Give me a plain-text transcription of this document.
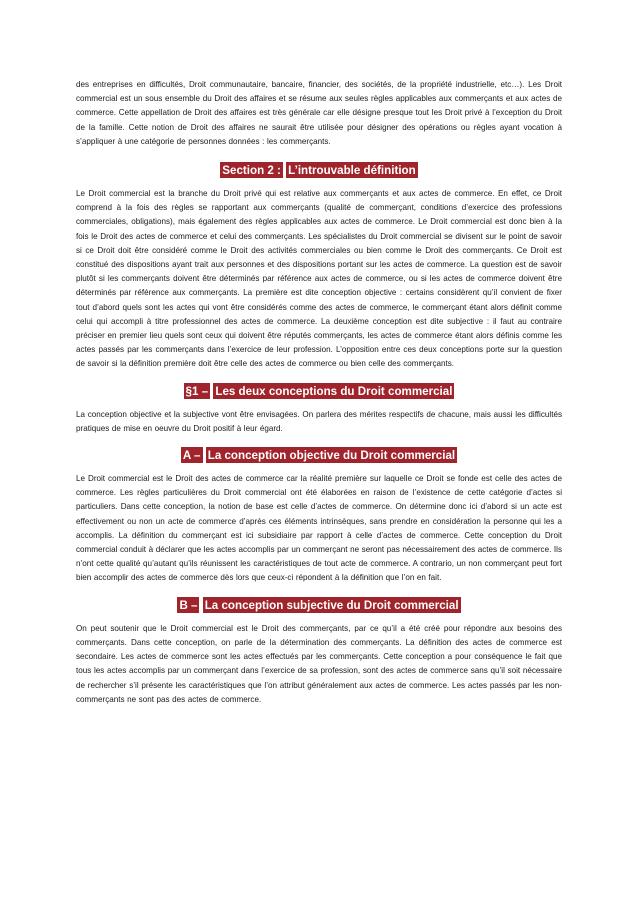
des entreprises en difficultés, Droit communautaire, bancaire, financier, des sociétés, de la propriété industrielle, etc…). Les Droit commercial est un sous ensemble du Droit des affaires et se résume aux seules règles applicables aux commerçants et aux actes de commerce. Cette appellation de Droit des affaires est très générale car elle désigne presque tout les Droit privé à l’exception du Droit de la famille. Cette notion de Droit des affaires ne saurait être utilisée pour désigner des opérations ou règles ayant vocation à s’appliquer à une catégorie de personnes données : les commerçants.

Section 2 : L’introuvable définition

Le Droit commercial est la branche du Droit privé qui est relative aux commerçants et aux actes de commerce. En effet, ce Droit comprend à la fois des règles se rapportant aux commerçants (qualité de commerçant, conditions d’exercice des professions commerciales, obligations), mais également des règles applicables aux actes de commerce. Le Droit commercial est donc bien à la fois le Droit des actes de commerce et celui des commerçants. Les spécialistes du Droit commercial se divisent sur le point de savoir si ce Droit doit être considéré comme le Droit des activités commerciales ou bien comme le Droit des commerçants. Ce Droit est constitué des dispositions ayant trait aux personnes et des dispositions portant sur les actes de commerce. La question est de savoir plutôt si les commerçants doivent être déterminés par référence aux actes de commerce, ou si les actes de commerce doivent être déterminés par référence aux commerçants. La première est dite conception objective : certains considèrent qu’il convient de fixer tout d’abord quels sont les actes qui vont être considérés comme des actes de commerce, le commerçant étant alors définit comme celui qui accompli à titre professionnel des actes de commerce. La deuxième conception est dite subjective : il faut au contraire préciser en premier lieu quels sont ceux qui doivent être réputés commerçants, les actes de commerce étant alors définis comme les actes passés par les commerçants dans l’exercice de leur profession. L’opposition entre ces deux conceptions porte sur la question de savoir si la définition première doit être celle des actes de commerce ou bien celle des commerçants.

§1 – Les deux conceptions du Droit commercial

La conception objective et la subjective vont être envisagées. On parlera des mérites respectifs de chacune, mais aussi les difficultés pratiques de mise en oeuvre du Droit positif à leur égard.

A – La conception objective du Droit commercial

Le Droit commercial est le Droit des actes de commerce car la réalité première sur laquelle ce Droit se fonde est celle des actes de commerce. Les règles particulières du Droit commercial ont été élaborées en raison de l’existence de cette catégorie d’actes si particuliers. Dans cette conception, la notion de base est celle d’actes de commerce. On détermine donc ici d’abord si un acte est effectivement ou non un acte de commerce d’après ces éléments intrinsèques, sans prendre en considération la personne qui les a accomplis. La définition du commerçant est ici subsidiaire par rapport à celle d’actes de commerce. Cette conception du Droit commercial conduit à déclarer que les actes accomplis par un commerçant ne seront pas nécessairement des actes de commerce. Ils n’ont cette qualité qu’autant qu’ils réunissent les caractéristiques de tout acte de commerce. A contrario, un non commerçant peut fort bien accomplir des actes de commerce dès lors que ceux-ci répondent à la définition que l’on en fait.

B – La conception subjective du Droit commercial

On peut soutenir que le Droit commercial est le Droit des commerçants, par ce qu’il a été créé pour répondre aux besoins des commerçants. Dans cette conception, on parle de la détermination des commerçants. La définition des actes de commerce est secondaire. Les actes de commerce sont les actes effectués par les commerçants. Cette conception a pour conséquence le fait que tous les actes accomplis par un commerçant dans l’exercice de sa profession, sont des actes de commerce sans qu’il soit nécessaire de rechercher s’il présente les caractéristiques que l’on attribut généralement aux actes de commerce. Les actes passés par les non-commerçants ne sont pas des actes de commerce.
